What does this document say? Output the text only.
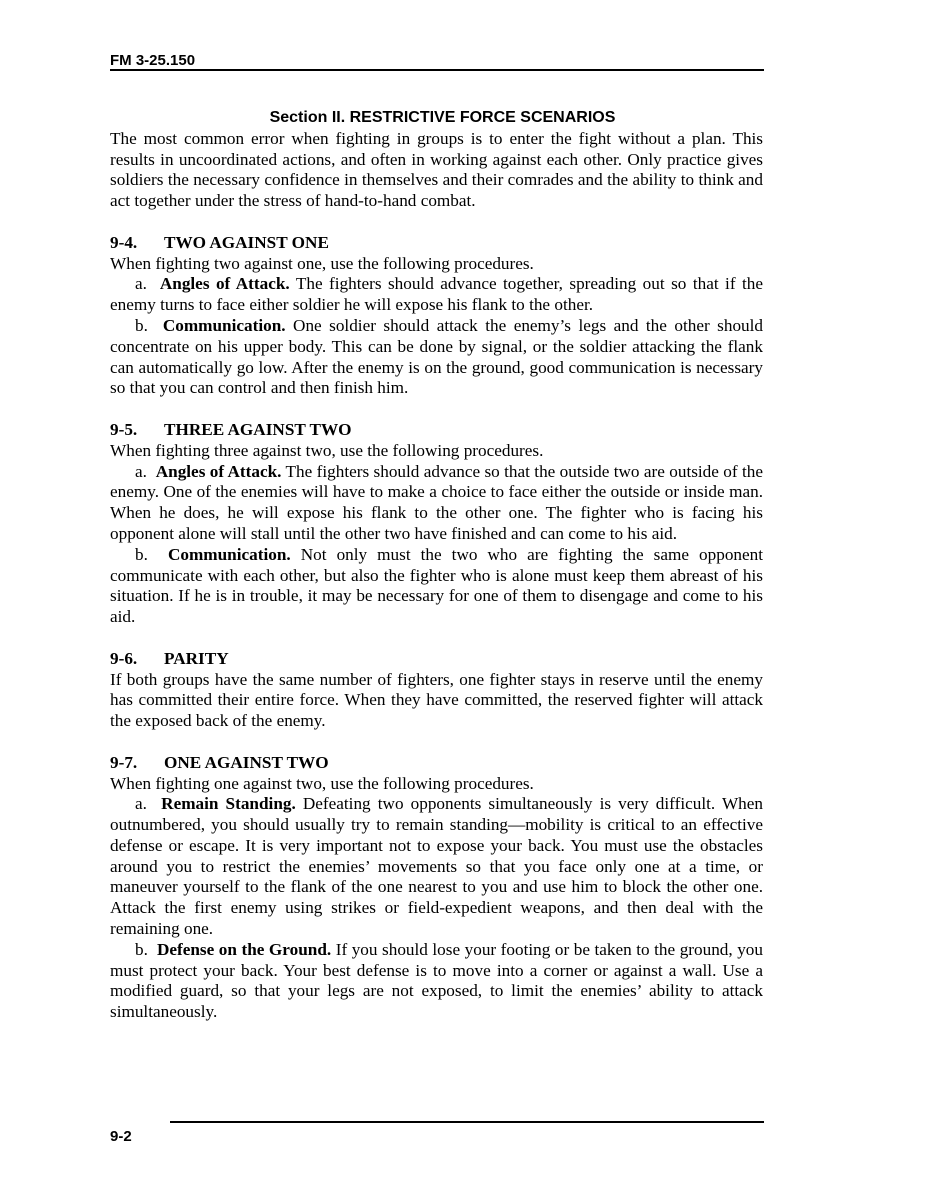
FM 3-25.150
Section II. RESTRICTIVE FORCE SCENARIOS

The most common error when fighting in groups is to enter the fight without a plan. This results in uncoordinated actions, and often in working against each other. Only practice gives soldiers the necessary confidence in themselves and their comrades and the ability to think and act together under the stress of hand-to-hand combat.

9-4. TWO AGAINST ONE

When fighting two against one, use the following procedures.

a. Angles of Attack. The fighters should advance together, spreading out so that if the enemy turns to face either soldier he will expose his flank to the other.

b. Communication. One soldier should attack the enemy’s legs and the other should concentrate on his upper body. This can be done by signal, or the soldier attacking the flank can automatically go low. After the enemy is on the ground, good communication is necessary so that you can control and then finish him.

9-5. THREE AGAINST TWO

When fighting three against two, use the following procedures.

a. Angles of Attack. The fighters should advance so that the outside two are outside of the enemy. One of the enemies will have to make a choice to face either the outside or inside man. When he does, he will expose his flank to the other one. The fighter who is facing his opponent alone will stall until the other two have finished and can come to his aid.

b. Communication. Not only must the two who are fighting the same opponent communicate with each other, but also the fighter who is alone must keep them abreast of his situation. If he is in trouble, it may be necessary for one of them to disengage and come to his aid.

9-6. PARITY

If both groups have the same number of fighters, one fighter stays in reserve until the enemy has committed their entire force. When they have committed, the reserved fighter will attack the exposed back of the enemy.

9-7. ONE AGAINST TWO

When fighting one against two, use the following procedures.

a. Remain Standing. Defeating two opponents simultaneously is very difficult. When outnumbered, you should usually try to remain standing—mobility is critical to an effective defense or escape. It is very important not to expose your back. You must use the obstacles around you to restrict the enemies’ movements so that you face only one at a time, or maneuver yourself to the flank of the one nearest to you and use him to block the other one. Attack the first enemy using strikes or field-expedient weapons, and then deal with the remaining one.

b. Defense on the Ground. If you should lose your footing or be taken to the ground, you must protect your back. Your best defense is to move into a corner or against a wall. Use a modified guard, so that your legs are not exposed, to limit the enemies’ ability to attack simultaneously.

9-2
